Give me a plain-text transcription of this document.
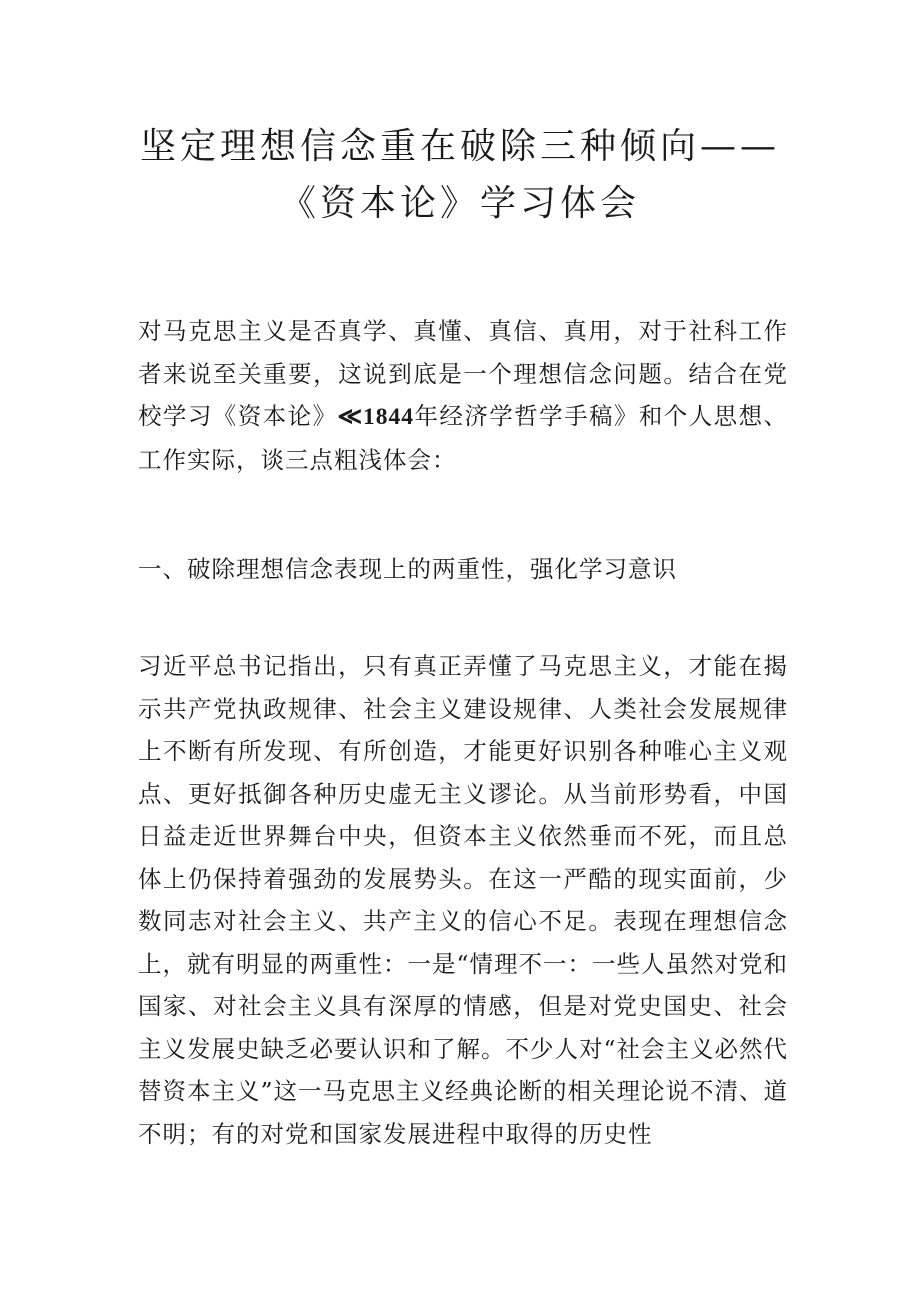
坚定理想信念重在破除三种倾向——《资本论》学习体会

对马克思主义是否真学、真懂、真信、真用，对于社科工作者来说至关重要，这说到底是一个理想信念问题。结合在党校学习《资本论》≪1844年经济学哲学手稿》和个人思想、工作实际，谈三点粗浅体会：

一、破除理想信念表现上的两重性，强化学习意识

习近平总书记指出，只有真正弄懂了马克思主义，才能在揭示共产党执政规律、社会主义建设规律、人类社会发展规律上不断有所发现、有所创造，才能更好识别各种唯心主义观点、更好抵御各种历史虚无主义谬论。从当前形势看，中国日益走近世界舞台中央，但资本主义依然垂而不死，而且总体上仍保持着强劲的发展势头。在这一严酷的现实面前，少数同志对社会主义、共产主义的信心不足。表现在理想信念上，就有明显的两重性：一是“情理不一：一些人虽然对党和国家、对社会主义具有深厚的情感，但是对党史国史、社会主义发展史缺乏必要认识和了解。不少人对“社会主义必然代替资本主义”这一马克思主义经典论断的相关理论说不清、道不明；有的对党和国家发展进程中取得的历史性
